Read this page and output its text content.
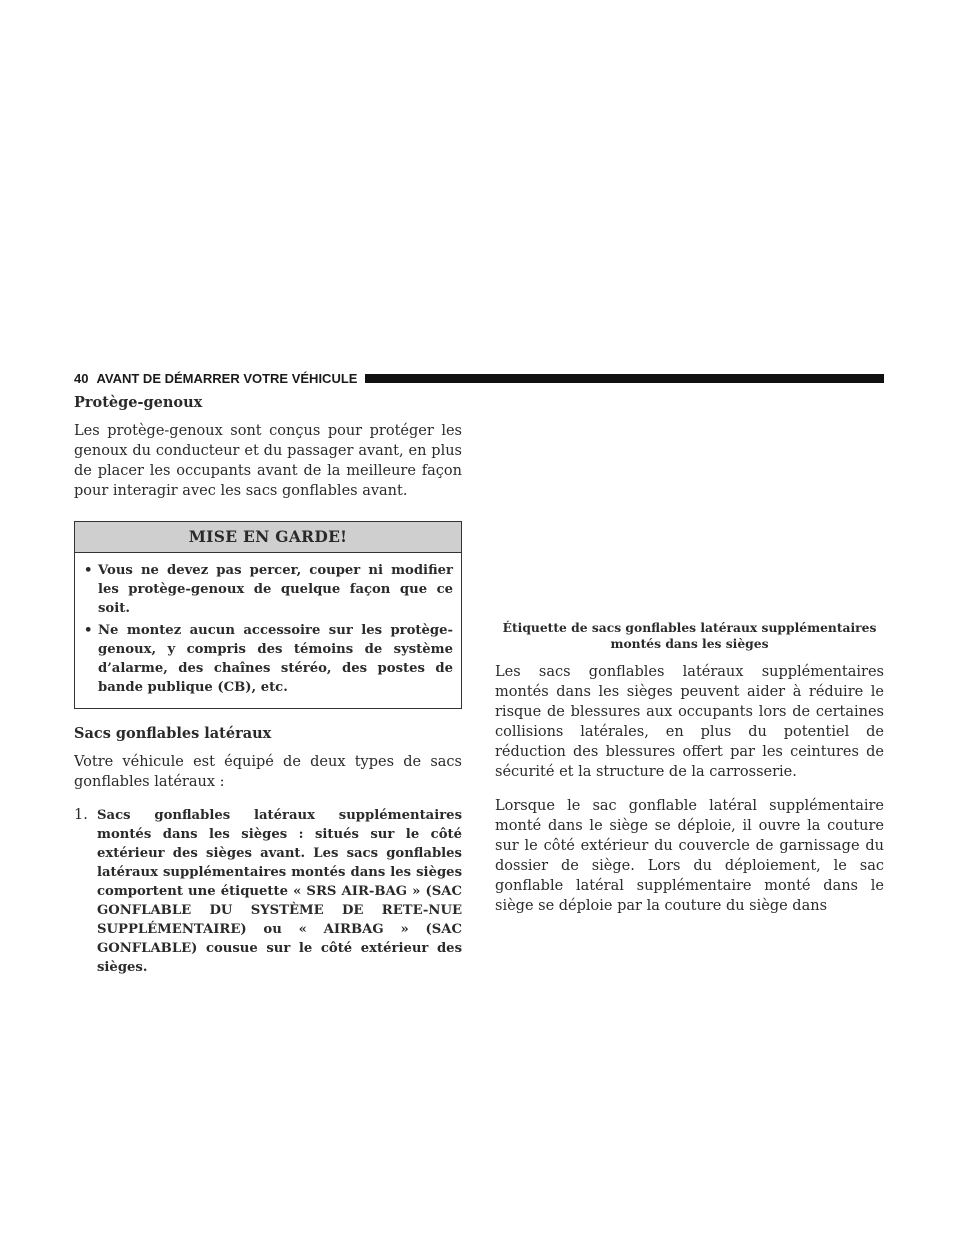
40 AVANT DE DÉMARRER VOTRE VÉHICULE
Protège-genoux

Les protège-genoux sont conçus pour protéger les genoux du conducteur et du passager avant, en plus de placer les occupants avant de la meilleure façon pour interagir avec les sacs gonflables avant.

MISE EN GARDE!
• Vous ne devez pas percer, couper ni modifier les protège-genoux de quelque façon que ce soit.
• Ne montez aucun accessoire sur les protège-genoux, y compris des témoins de système d’alarme, des chaînes stéréo, des postes de bande publique (CB), etc.
Sacs gonflables latéraux

Votre véhicule est équipé de deux types de sacs gonflables latéraux :

1. Sacs gonflables latéraux supplémentaires montés dans les sièges : situés sur le côté extérieur des sièges avant. Les sacs gonflables latéraux supplémentaires montés dans les sièges comportent une étiquette « SRS AIR-BAG » (SAC GONFLABLE DU SYSTÈME DE RETE-NUE SUPPLÉMENTAIRE) ou « AIRBAG » (SAC GONFLABLE) cousue sur le côté extérieur des sièges.
Étiquette de sacs gonflables latéraux supplémentaires
montés dans les sièges

Les sacs gonflables latéraux supplémentaires montés dans les sièges peuvent aider à réduire le risque de blessures aux occupants lors de certaines collisions latérales, en plus du potentiel de réduction des blessures offert par les ceintures de sécurité et la structure de la carrosserie.

Lorsque le sac gonflable latéral supplémentaire monté dans le siège se déploie, il ouvre la couture sur le côté extérieur du couvercle de garnissage du dossier de siège. Lors du déploiement, le sac gonflable latéral supplémentaire monté dans le siège se déploie par la couture du siège dans
